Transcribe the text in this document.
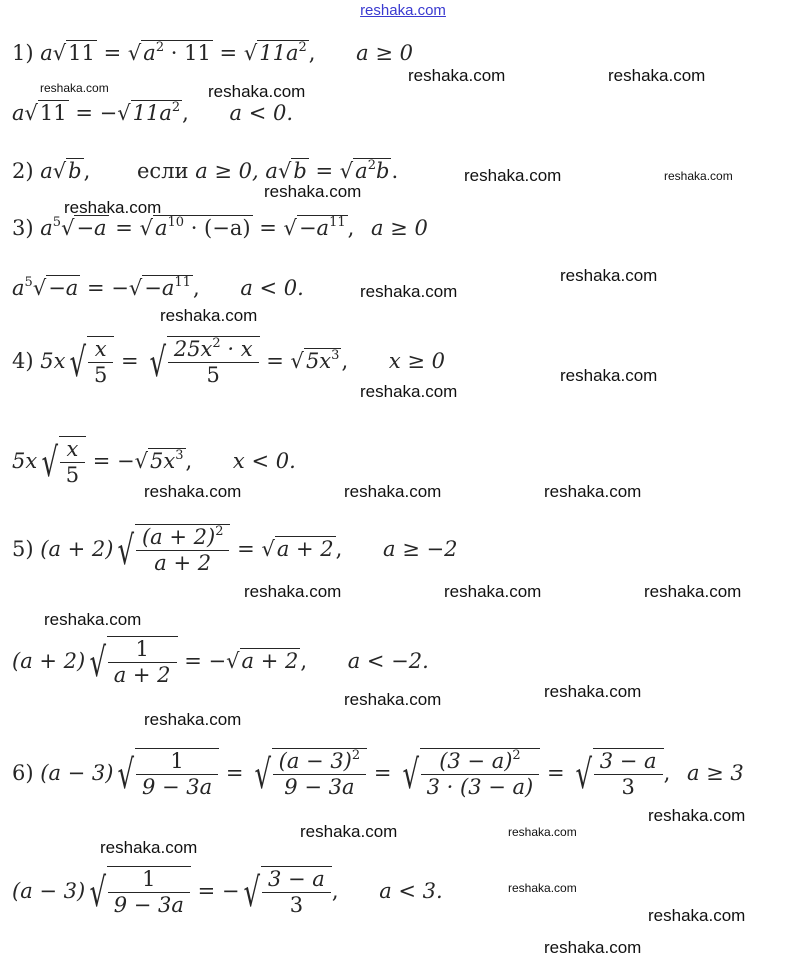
reshaka.com
1) $a√11 = √a^2 \cdot 11 = √11a^2$, a ≥ 0
$a√11 = -√11a^2$, a < 0.
2) a√b, если a ≥ 0, $a√b = √a^2b$.
3) $a^5√-a = √a^{10} \cdot (-a) = √-a^{11}$, a ≥ 0
$a^5√-a = -√-a^{11}$, a < 0.
4) 5x √ $\frac{x}{5}$ = √ $\frac{25x^2 \cdot x}{5} = √5x^3$, x ≥ 0
5x √ $\frac{x}{5} = -√5x^3$, x < 0.
5) (a + 2) √ $\frac{(a + 2)^2}{a + 2} = √a + 2$, a ≥ −2
(a + 2) √ $\frac{1}{a + 2} = -√a + 2$, a < −2.
6) (a − 3) √ $\frac{1}{9 - 3a}$ = √ $\frac{(a - 3)^2}{9 - 3a}$ = √ $\frac{(3 - a)^2}{3 \cdot (3 - a)}$ = √ $\frac{3 - a}{3}$ , a ≥ 3
(a − 3) √ $\frac{1}{9 - 3a}$ = − √ $\frac{3 - a}{3}$ , a < 3.
reshaka.com	reshaka.com
reshaka.com	reshaka.com
reshaka.com	reshaka.com
reshaka.com
reshaka.com
reshaka.com
reshaka.com
reshaka.com
reshaka.com
reshaka.com
reshaka.com	reshaka.com	reshaka.com
reshaka.com	reshaka.com	reshaka.com
reshaka.com
reshaka.com
reshaka.com
reshaka.com
reshaka.com
reshaka.com	reshaka.com
reshaka.com
reshaka.com
reshaka.com
reshaka.com
